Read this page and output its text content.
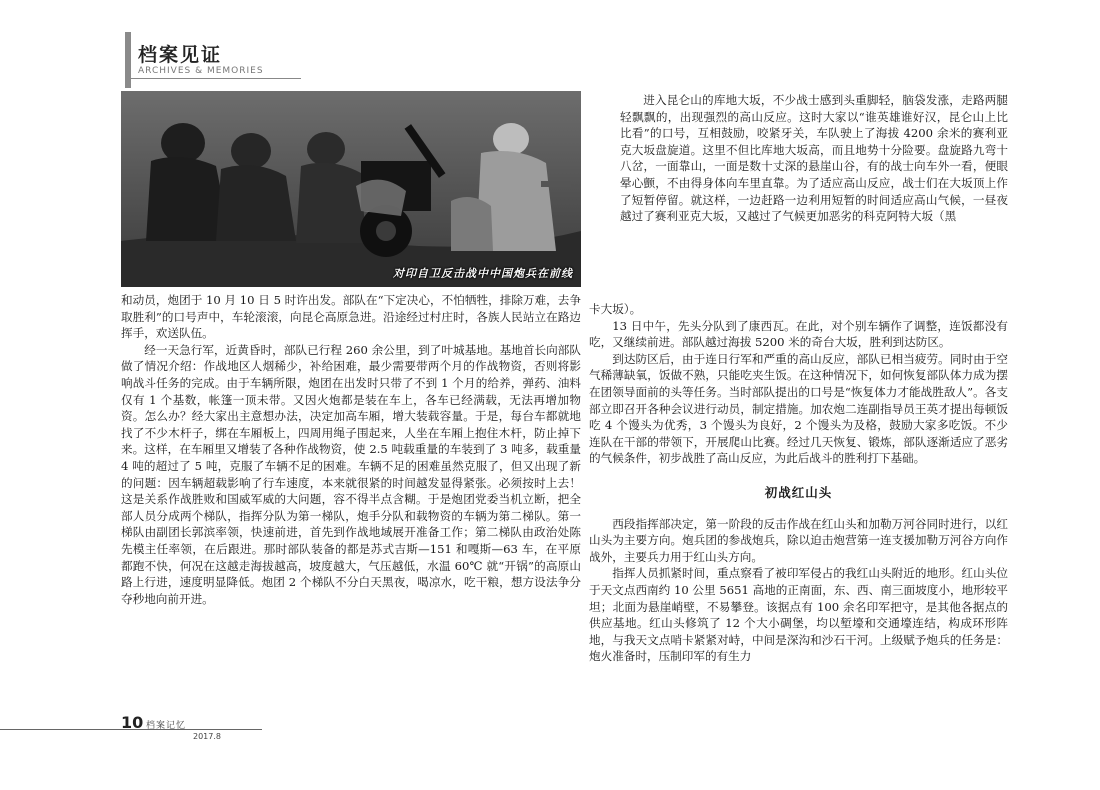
档案见证
ARCHIVES & MEMORIES
对印自卫反击战中中国炮兵在前线

和动员，炮团于 10 月 10 日 5 时许出发。部队在“下定决心，不怕牺牲，排除万难，去争取胜利”的口号声中，车轮滚滚，向昆仑高原急进。沿途经过村庄时，各族人民站立在路边挥手，欢送队伍。

经一天急行军，近黄昏时，部队已行程 260 余公里，到了叶城基地。基地首长向部队做了情况介绍：作战地区人烟稀少，补给困难，最少需要带两个月的作战物资，否则将影响战斗任务的完成。由于车辆所限，炮团在出发时只带了不到 1 个月的给养，弹药、油料仅有 1 个基数，帐篷一顶未带。又因火炮都是装在车上，各车已经满载，无法再增加物资。怎么办？经大家出主意想办法，决定加高车厢，增大装载容量。于是，每台车都就地找了不少木杆子，绑在车厢板上，四周用绳子围起来，人坐在车厢上抱住木杆，防止掉下来。这样，在车厢里又增装了各种作战物资，使 2.5 吨载重量的车装到了 3 吨多，载重量 4 吨的超过了 5 吨，克服了车辆不足的困难。车辆不足的困难虽然克服了，但又出现了新的问题：因车辆超载影响了行车速度，本来就很紧的时间越发显得紧张。必须按时上去！这是关系作战胜败和国威军威的大问题，容不得半点含糊。于是炮团党委当机立断，把全部人员分成两个梯队，指挥分队为第一梯队，炮手分队和载物资的车辆为第二梯队。第一梯队由副团长郭滨率领，快速前进，首先到作战地域展开准备工作；第二梯队由政治处陈先模主任率领，在后跟进。那时部队装备的都是苏式吉斯—151 和嘎斯—63 车，在平原都跑不快，何况在这越走海拔越高，坡度越大，气压越低，水温 60℃ 就“开锅”的高原山路上行进，速度明显降低。炮团 2 个梯队不分白天黑夜，喝凉水，吃干粮，想方设法争分夺秒地向前开进。

进入昆仑山的库地大坂，不少战士感到头重脚轻，脑袋发涨，走路两腿轻飘飘的，出现强烈的高山反应。这时大家以“谁英雄谁好汉，昆仑山上比比看”的口号，互相鼓励，咬紧牙关，车队驶上了海拔 4200 余米的赛利亚克大坂盘旋道。这里不但比库地大坂高，而且地势十分险要。盘旋路九弯十八岔，一面靠山，一面是数十丈深的悬崖山谷，有的战士向车外一看，便眼晕心颤，不由得身体向车里直靠。为了适应高山反应，战士们在大坂顶上作了短暂停留。就这样，一边赶路一边利用短暂的时间适应高山气候，一昼夜越过了赛利亚克大坂，又越过了气候更加恶劣的科克阿特大坂（黑

卡大坂）。

13 日中午，先头分队到了康西瓦。在此，对个别车辆作了调整，连饭都没有吃，又继续前进。部队越过海拔 5200 米的奇台大坂，胜利到达防区。

到达防区后，由于连日行军和严重的高山反应，部队已相当疲劳。同时由于空气稀薄缺氧，饭做不熟，只能吃夹生饭。在这种情况下，如何恢复部队体力成为摆在团领导面前的头等任务。当时部队提出的口号是“恢复体力才能战胜敌人”。各支部立即召开各种会议进行动员，制定措施。加农炮二连副指导员王英才提出每顿饭吃 4 个馒头为优秀，3 个馒头为良好，2 个馒头为及格，鼓励大家多吃饭。不少连队在干部的带领下，开展爬山比赛。经过几天恢复、锻炼，部队逐渐适应了恶劣的气候条件，初步战胜了高山反应，为此后战斗的胜利打下基础。

初战红山头

西段指挥部决定，第一阶段的反击作战在红山头和加勒万河谷同时进行，以红山头为主要方向。炮兵团的参战炮兵，除以迫击炮营第一连支援加勒万河谷方向作战外，主要兵力用于红山头方向。

指挥人员抓紧时间，重点察看了被印军侵占的我红山头附近的地形。红山头位于天文点西南约 10 公里 5651 高地的正南面，东、西、南三面坡度小，地形较平坦；北面为悬崖峭壁，不易攀登。该据点有 100 余名印军把守，是其他各据点的供应基地。红山头修筑了 12 个大小碉堡，均以堑壕和交通壕连结，构成环形阵地，与我天文点哨卡紧紧对峙，中间是深沟和沙石干河。上级赋予炮兵的任务是：炮火准备时，压制印军的有生力

10 档案记忆
2017.8
